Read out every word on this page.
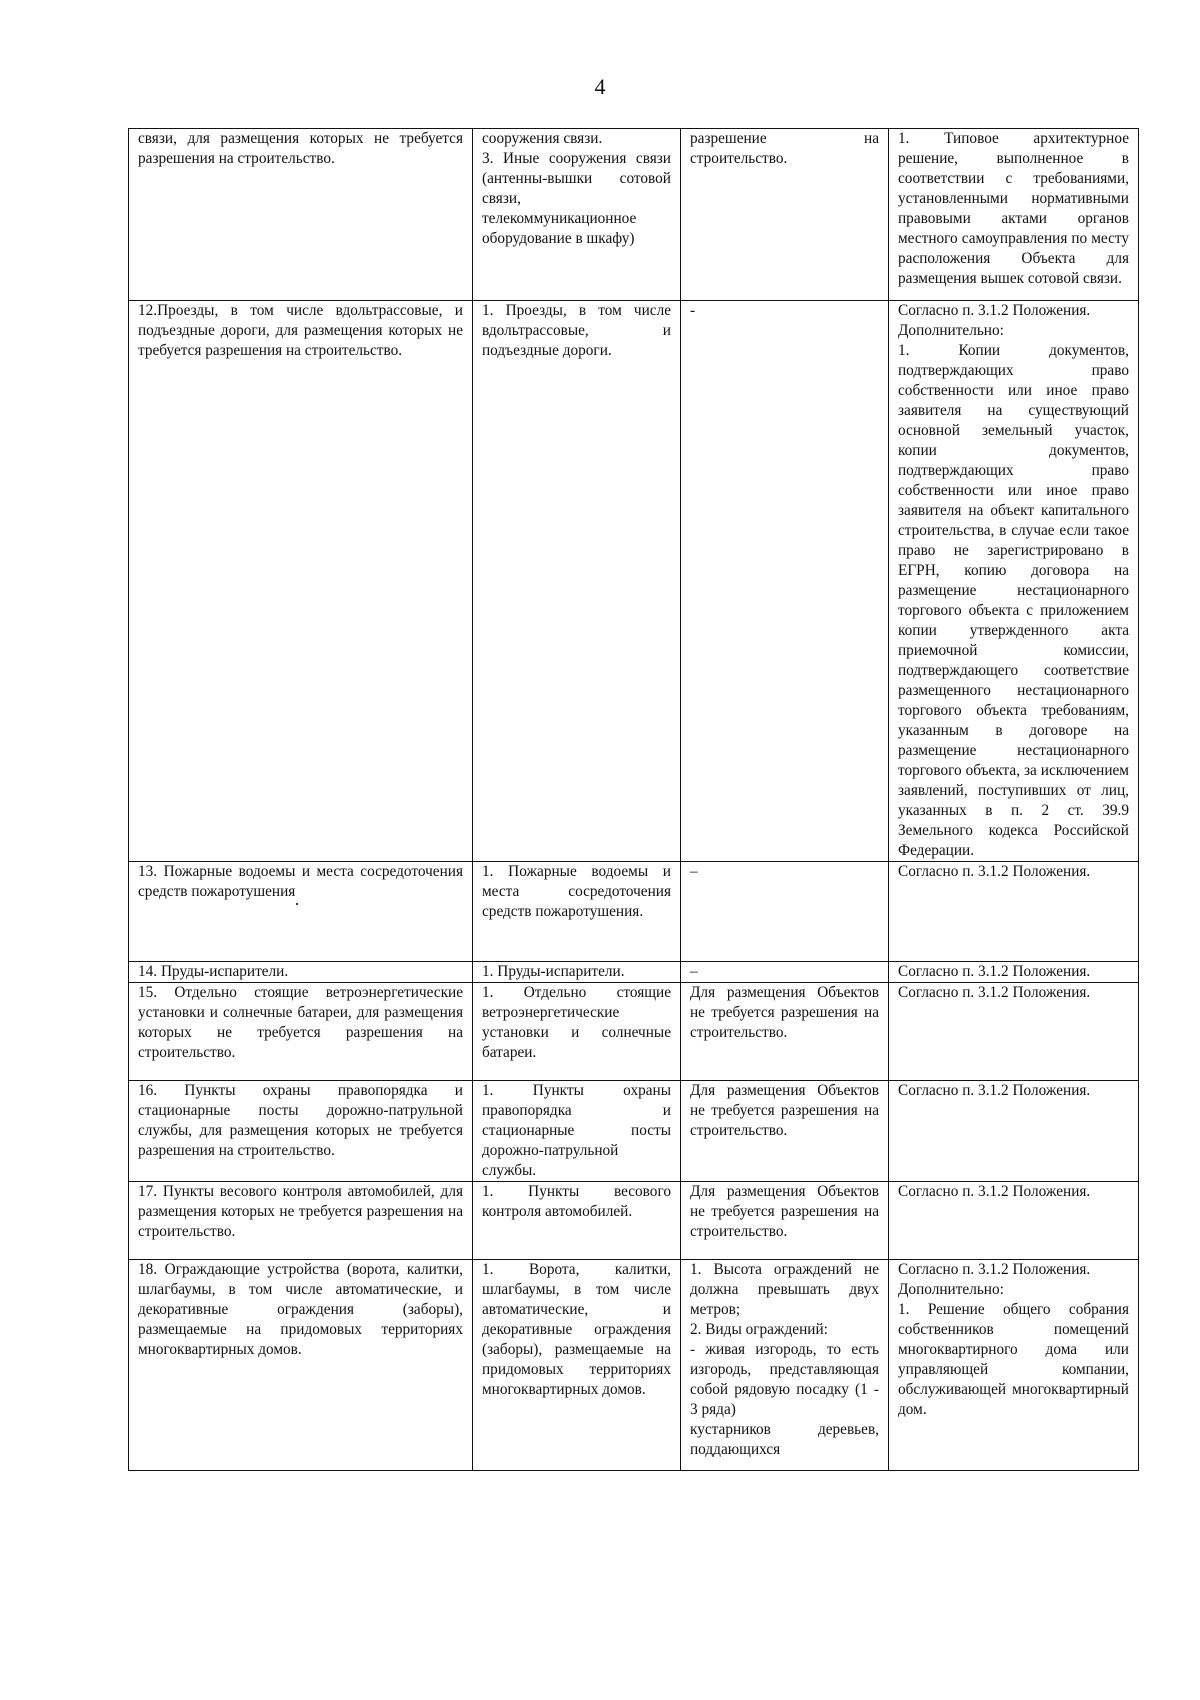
4
связи, для размещения которых не требуется разрешения на строительство.	сооружения связи.
3. Иные сооружения связи (антенны-вышки сотовой связи, телекоммуникационное оборудование в шкафу)	разрешение на строительство.	1. Типовое архитектурное решение, выполненное в соответствии с требованиями, установленными нормативными правовыми актами органов местного самоуправления по месту расположения Объекта для размещения вышек сотовой связи.

12.Проезды, в том числе вдольтрассовые, и подъездные дороги, для размещения которых не требуется разрешения на строительство.	1. Проезды, в том числе вдольтрассовые, и подъездные дороги.	-	Согласно п. 3.1.2 Положения.
Дополнительно:
1. Копии документов, подтверждающих право собственности или иное право заявителя на существующий основной земельный участок, копии документов, подтверждающих право собственности или иное право заявителя на объект капитального строительства, в случае если такое право не зарегистрировано в ЕГРН, копию договора на размещение нестационарного торгового объекта с приложением копии утвержденного акта приемочной комиссии, подтверждающего соответствие размещенного нестационарного торгового объекта требованиям, указанным в договоре на размещение нестационарного торгового объекта, за исключением заявлений, поступивших от лиц, указанных в п. 2 ст. 39.9 Земельного кодекса Российской Федерации.

13. Пожарные водоемы и места сосредоточения средств пожаротушения	1. Пожарные водоемы и места сосредоточения средств пожаротушения.	–	Согласно п. 3.1.2 Положения.

14. Пруды-испарители.	1. Пруды-испарители.	–	Согласно п. 3.1.2 Положения.

15. Отдельно стоящие ветроэнергетические установки и солнечные батареи, для размещения которых не требуется разрешения на строительство.	1. Отдельно стоящие ветроэнергетические установки и солнечные батареи.	Для размещения Объектов не требуется разрешения на строительство.	Согласно п. 3.1.2 Положения.

16. Пункты охраны правопорядка и стационарные посты дорожно-патрульной службы, для размещения которых не требуется разрешения на строительство.	1. Пункты охраны правопорядка и стационарные посты дорожно-патрульной службы.	Для размещения Объектов не требуется разрешения на строительство.	Согласно п. 3.1.2 Положения.

17. Пункты весового контроля автомобилей, для размещения которых не требуется разрешения на строительство.	1. Пункты весового контроля автомобилей.	Для размещения Объектов не требуется разрешения на строительство.	Согласно п. 3.1.2 Положения.

18. Ограждающие устройства (ворота, калитки, шлагбаумы, в том числе автоматические, и декоративные ограждения (заборы), размещаемые на придомовых территориях многоквартирных домов.	1. Ворота, калитки, шлагбаумы, в том числе автоматические, и декоративные ограждения (заборы), размещаемые на придомовых территориях многоквартирных домов.	1. Высота ограждений не должна превышать двух метров;
2. Виды ограждений:
- живая изгородь, то есть изгородь, представляющая собой рядовую посадку (1 - 3 ряда)
кустарников деревьев, поддающихся	Согласно п. 3.1.2 Положения.
Дополнительно:
1. Решение общего собрания собственников помещений многоквартирного дома или управляющей компании, обслуживающей многоквартирный дом.
